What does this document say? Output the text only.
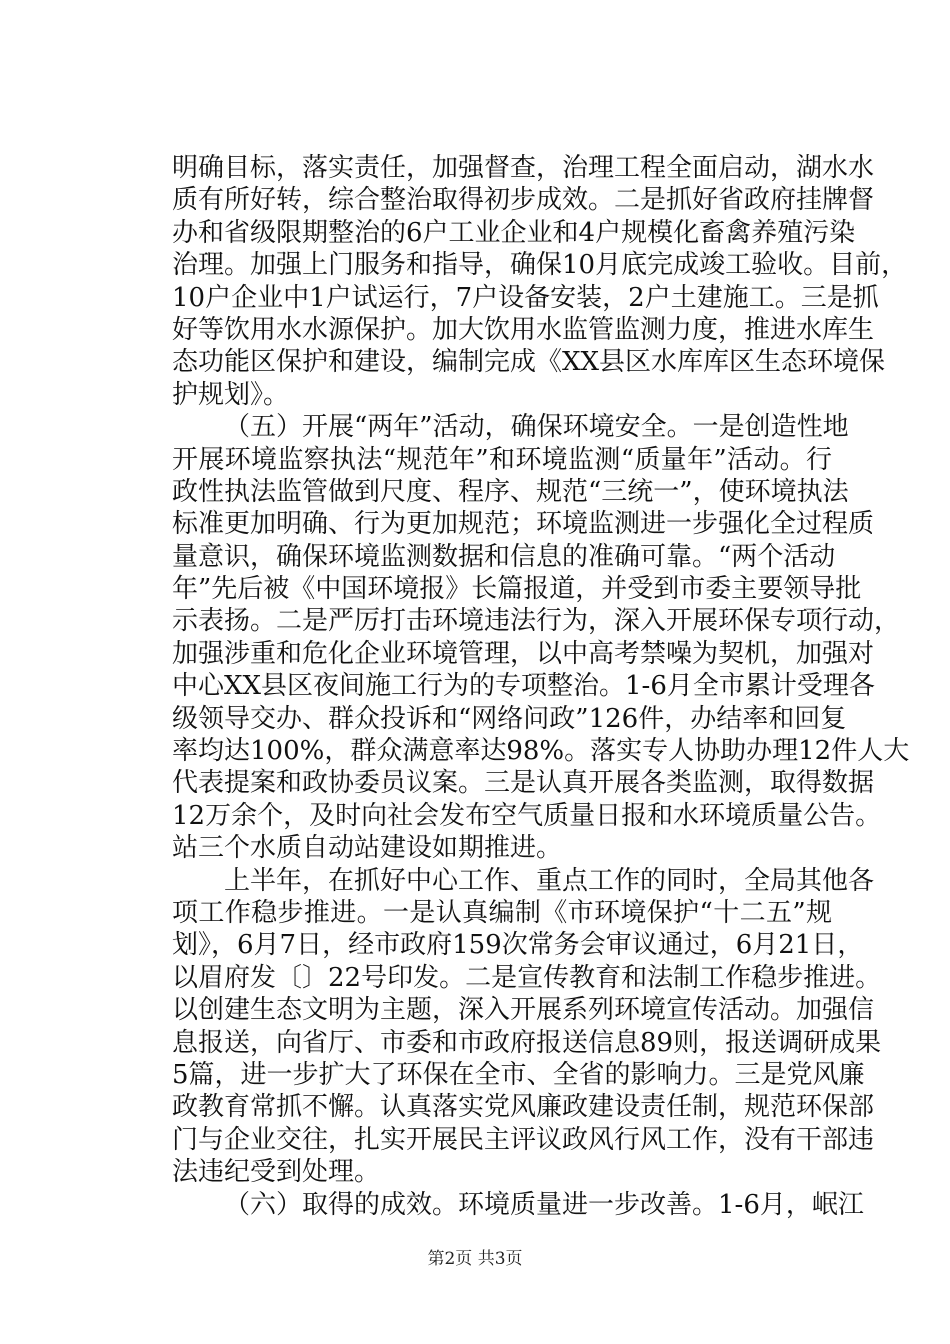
明确目标，落实责任，加强督查，治理工程全面启动，湖水水
质有所好转，综合整治取得初步成效。二是抓好省政府挂牌督
办和省级限期整治的6户工业企业和4户规模化畜禽养殖污染
治理。加强上门服务和指导，确保10月底完成竣工验收。目前，
10户企业中1户试运行，7户设备安装，2户土建施工。三是抓
好等饮用水水源保护。加大饮用水监管监测力度，推进水库生
态功能区保护和建设，编制完成《XX县区水库库区生态环境保
护规划》。
（五）开展“两年”活动，确保环境安全。一是创造性地
开展环境监察执法“规范年”和环境监测“质量年”活动。行
政性执法监管做到尺度、程序、规范“三统一”，使环境执法
标准更加明确、行为更加规范；环境监测进一步强化全过程质
量意识，确保环境监测数据和信息的准确可靠。“两个活动
年”先后被《中国环境报》长篇报道，并受到市委主要领导批
示表扬。二是严厉打击环境违法行为，深入开展环保专项行动，
加强涉重和危化企业环境管理，以中高考禁噪为契机，加强对
中心XX县区夜间施工行为的专项整治。1-6月全市累计受理各
级领导交办、群众投诉和“网络问政”126件，办结率和回复
率均达100%，群众满意率达98%。落实专人协助办理12件人大
代表提案和政协委员议案。三是认真开展各类监测，取得数据
12万余个，及时向社会发布空气质量日报和水环境质量公告。
站三个水质自动站建设如期推进。
上半年，在抓好中心工作、重点工作的同时，全局其他各
项工作稳步推进。一是认真编制《市环境保护“十二五”规
划》，6月7日，经市政府159次常务会审议通过，6月21日，
以眉府发〔〕22号印发。二是宣传教育和法制工作稳步推进。
以创建生态文明为主题，深入开展系列环境宣传活动。加强信
息报送，向省厅、市委和市政府报送信息89则，报送调研成果
5篇，进一步扩大了环保在全市、全省的影响力。三是党风廉
政教育常抓不懈。认真落实党风廉政建设责任制，规范环保部
门与企业交往，扎实开展民主评议政风行风工作，没有干部违
法违纪受到处理。
（六）取得的成效。环境质量进一步改善。1-6月，岷江
第2页 共3页
